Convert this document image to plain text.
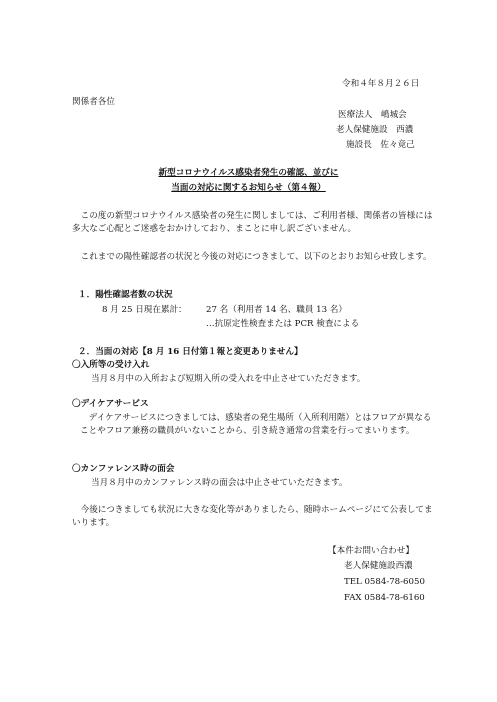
令和４年８月２６日
関係者各位
医療法人　嶋城会
老人保健施設　西濃
施設長　佐々竟己
新型コロナウイルス感染者発生の確認、並びに
当面の対応に関するお知らせ（第４報）
この度の新型コロナウイルス感染者の発生に関しましては、ご利用者様、関係者の皆様には多大なご心配とご迷惑をおかけしており、まことに申し訳ございません。
これまでの陽性確認者の状況と今後の対応につきまして、以下のとおりお知らせ致します。
１．陽性確認者数の状況
8 月 25 日現在累計： 27 名（利用者 14 名、職員 13 名）
…抗原定性検査または PCR 検査による
２．当面の対応【8 月 16 日付第１報と変更ありません】
〇入所等の受け入れ
当月８月中の入所および短期入所の受入れを中止させていただきます。
〇デイケアサービス
デイケアサービスにつきましては、感染者の発生場所（入所利用階）とはフロアが異なることやフロア兼務の職員がいないことから、引き続き通常の営業を行ってまいります。
〇カンファレンス時の面会
当月８月中のカンファレンス時の面会は中止させていただきます。
今後につきましても状況に大きな変化等がありましたら、随時ホームページにて公表してまいります。
【本件お問い合わせ】
老人保健施設西濃
TEL 0584-78-6050
FAX 0584-78-6160
